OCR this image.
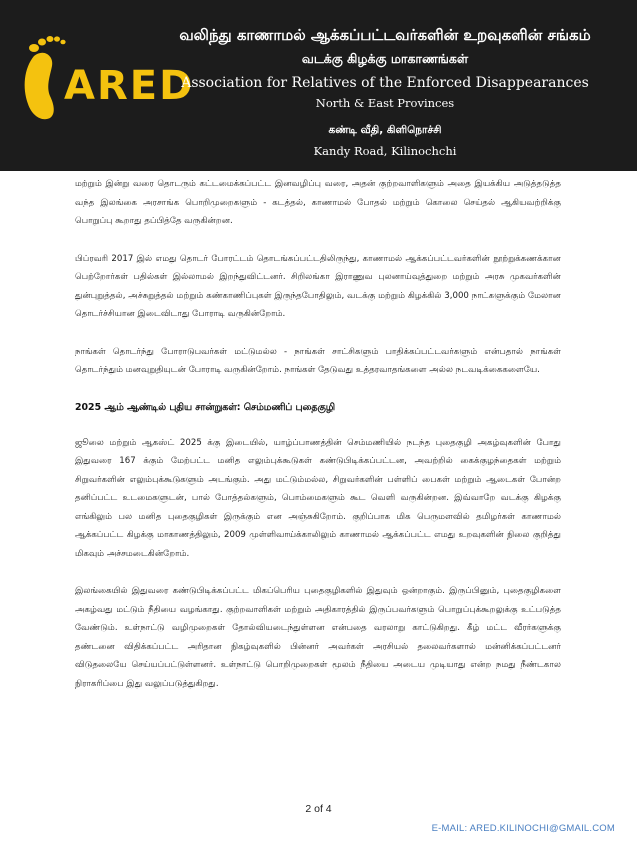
ARED
வலிந்து காணாமல் ஆக்கப்பட்டவர்களின் உறவுகளின் சங்கம்
வடக்கு கிழக்கு மாகாணங்கள்
Association for Relatives of the Enforced Disappearances
North & East Provinces
கண்டி வீதி, கிளிநொச்சி
Kandy Road, Kilinochchi

மற்றும் இன்று வரை தொடரும் கட்டமைக்கப்பட்ட இனவழிப்பு வரை, அதன் குற்றவாளிகளும் அதை இயக்கிய அடுத்தடுத்த வந்த இலங்கை அரசாங்க பொறிமுறைகளும் - கடத்தல், காணாமல் போதல் மற்றும் கொலை செய்தல் ஆகியவற்றிக்கு பொறுப்பு கூறாது தப்பித்தே வருகின்றன.

பிப்ரவரி 2017 இல் எமது தொடர் போரட்டம் தொடங்கப்பட்டதிலிருந்து, காணாமல் ஆக்கப்பட்டவர்களின் நூற்றுக்கணக்கான பெற்றோர்கள் பதில்கள் இல்லாமல் இறந்துவிட்டனர். சிறிலங்கா இராணுவ புலனாய்வுத்துறை மற்றும் அரசு முகவர்களின் துன்புறுத்தல், அச்சுறுத்தல் மற்றும் கண்காணிப்புகள் இருந்தபோதிலும், வடக்கு மற்றும் கிழக்கில் 3,000 நாட்களுக்கும் மேலான தொடர்ச்சியான இடைவிடாது போராடி வருகின்றோம்.

நாங்கள் தொடர்ந்து போராடுபவர்கள் மட்டுமல்ல - நாங்கள் சாட்சிகளும் பாதிக்கப்பட்டவர்களும் என்பதால் நாங்கள் தொடர்ந்தும் மனவுறுதியுடன் போராடி வருகின்றோம். நாங்கள் தேடுவது உத்தரவாதங்களை அல்ல நடவடிக்கைகளையே.

2025 ஆம் ஆண்டில் புதிய சான்றுகள்: செம்மணிப் புதைகுழி

ஜூலை மற்றும் ஆகஸ்ட் 2025 க்கு இடையில், யாழ்ப்பாணத்தின் செம்மணியில் நடந்த புதைகுழி அகழ்வுகளின் போது இதுவரை 167 க்கும் மேற்பட்ட மனித எலும்புக்கூடுகள் கண்டுபிடிக்கப்பட்டன, அவற்றில் கைக்குழந்தைகள் மற்றும் சிறுவர்களின் எலும்புக்கூடுகளும் அடங்கும். அது மட்டும்மல்ல, சிறுவர்களின் பள்ளிப் பைகள் மற்றும் ஆடைகள் போன்ற தனிப்பட்ட உடமைகளுடன், பால் போத்தல்களும், பொம்மைகளும் கூட வெளி வருகின்றன. இவ்வாறே வடக்கு கிழக்கு எங்கிலும் பல மனித புதைகுழிகள் இருக்கும் என அஞ்சுகிறோம். குறிப்பாக மிக பெருமளவில் தமிழர்கள் காணாமல் ஆக்கப்பட்ட கிழக்கு மாகாணத்திலும், 2009 முள்ளிவாய்க்காலிலும் காணாமல் ஆக்கப்பட்ட எமது உறவுகளின் நிலை குறித்து மிகவும் அச்சமடைகின்றோம்.

இலங்கையில் இதுவரை கண்டுபிடிக்கப்பட்ட மிகப்பெரிய புதைகுழிகளில் இதுவும் ஒன்றாகும். இருப்பினும், புதைகுழிகளை அகழ்வது மட்டும் நீதியை வழங்காது. குற்றவாளிகள் மற்றும் அதிகாரத்தில் இருப்பவர்களும் பொறுப்புக்கூறலுக்கு உட்படுத்த வேண்டும். உள்நாட்டு வழிமுறைகள் தோல்வியடைந்துள்ளன என்பதை வரலாறு காட்டுகிறது. கீழ் மட்ட வீரர்களுக்கு தண்டனை விதிக்கப்பட்ட அரிதான நிகழ்வுகளில் பின்னர் அவர்கள் அரசியல் தலைவர்களால் மன்னிக்கப்பட்டனர் விடுதலையே செய்யப்பட்டுள்ளனர். உள்நாட்டு பொறிமுறைகள் மூலம் நீதியை அடைய முடியாது என்ற நமது நீண்டகால நிராகரிப்பை இது வலுப்படுத்துகிறது.

2 of 4
E-MAIL: ARED.KILINOCHI@GMAIL.COM
